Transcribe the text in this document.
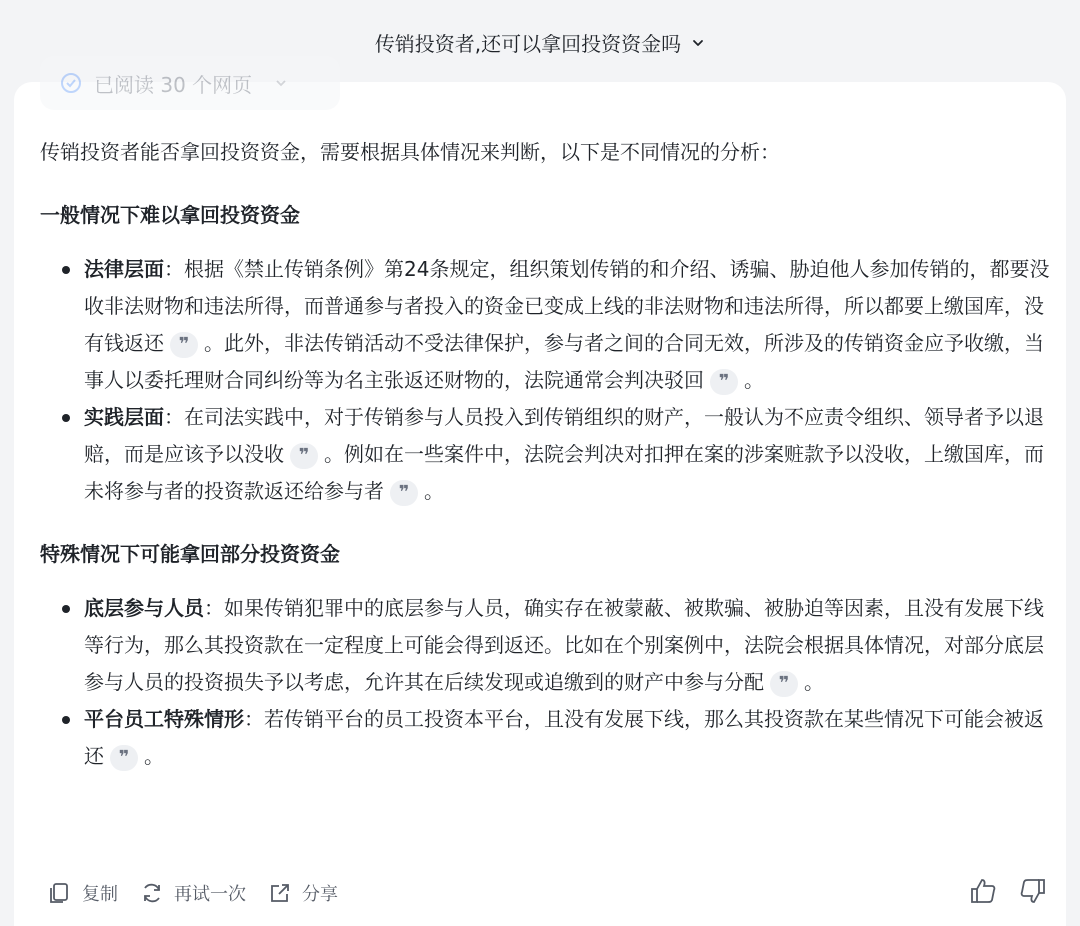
传销投资者,还可以拿回投资资金吗
已阅读 30 个网页

传销投资者能否拿回投资资金，需要根据具体情况来判断，以下是不同情况的分析：

一般情况下难以拿回投资资金
法律层面：根据《禁止传销条例》第24条规定，组织策划传销的和介绍、诱骗、胁迫他人参加传销的，都要没收非法财物和违法所得，而普通参与者投入的资金已变成上线的非法财物和违法所得，所以都要上缴国库，没有钱返还 ❞ 。此外，非法传销活动不受法律保护，参与者之间的合同无效，所涉及的传销资金应予收缴，当事人以委托理财合同纠纷等为名主张返还财物的，法院通常会判决驳回 ❞ 。
实践层面：在司法实践中，对于传销参与人员投入到传销组织的财产，一般认为不应责令组织、领导者予以退赔，而是应该予以没收 ❞ 。例如在一些案件中，法院会判决对扣押在案的涉案赃款予以没收，上缴国库，而未将参与者的投资款返还给参与者 ❞ 。
特殊情况下可能拿回部分投资资金
底层参与人员：如果传销犯罪中的底层参与人员，确实存在被蒙蔽、被欺骗、被胁迫等因素，且没有发展下线等行为，那么其投资款在一定程度上可能会得到返还。比如在个别案例中，法院会根据具体情况，对部分底层参与人员的投资损失予以考虑，允许其在后续发现或追缴到的财产中参与分配 ❞ 。
平台员工特殊情形：若传销平台的员工投资本平台，且没有发展下线，那么其投资款在某些情况下可能会被返还 ❞ 。
复制	再试一次	分享
